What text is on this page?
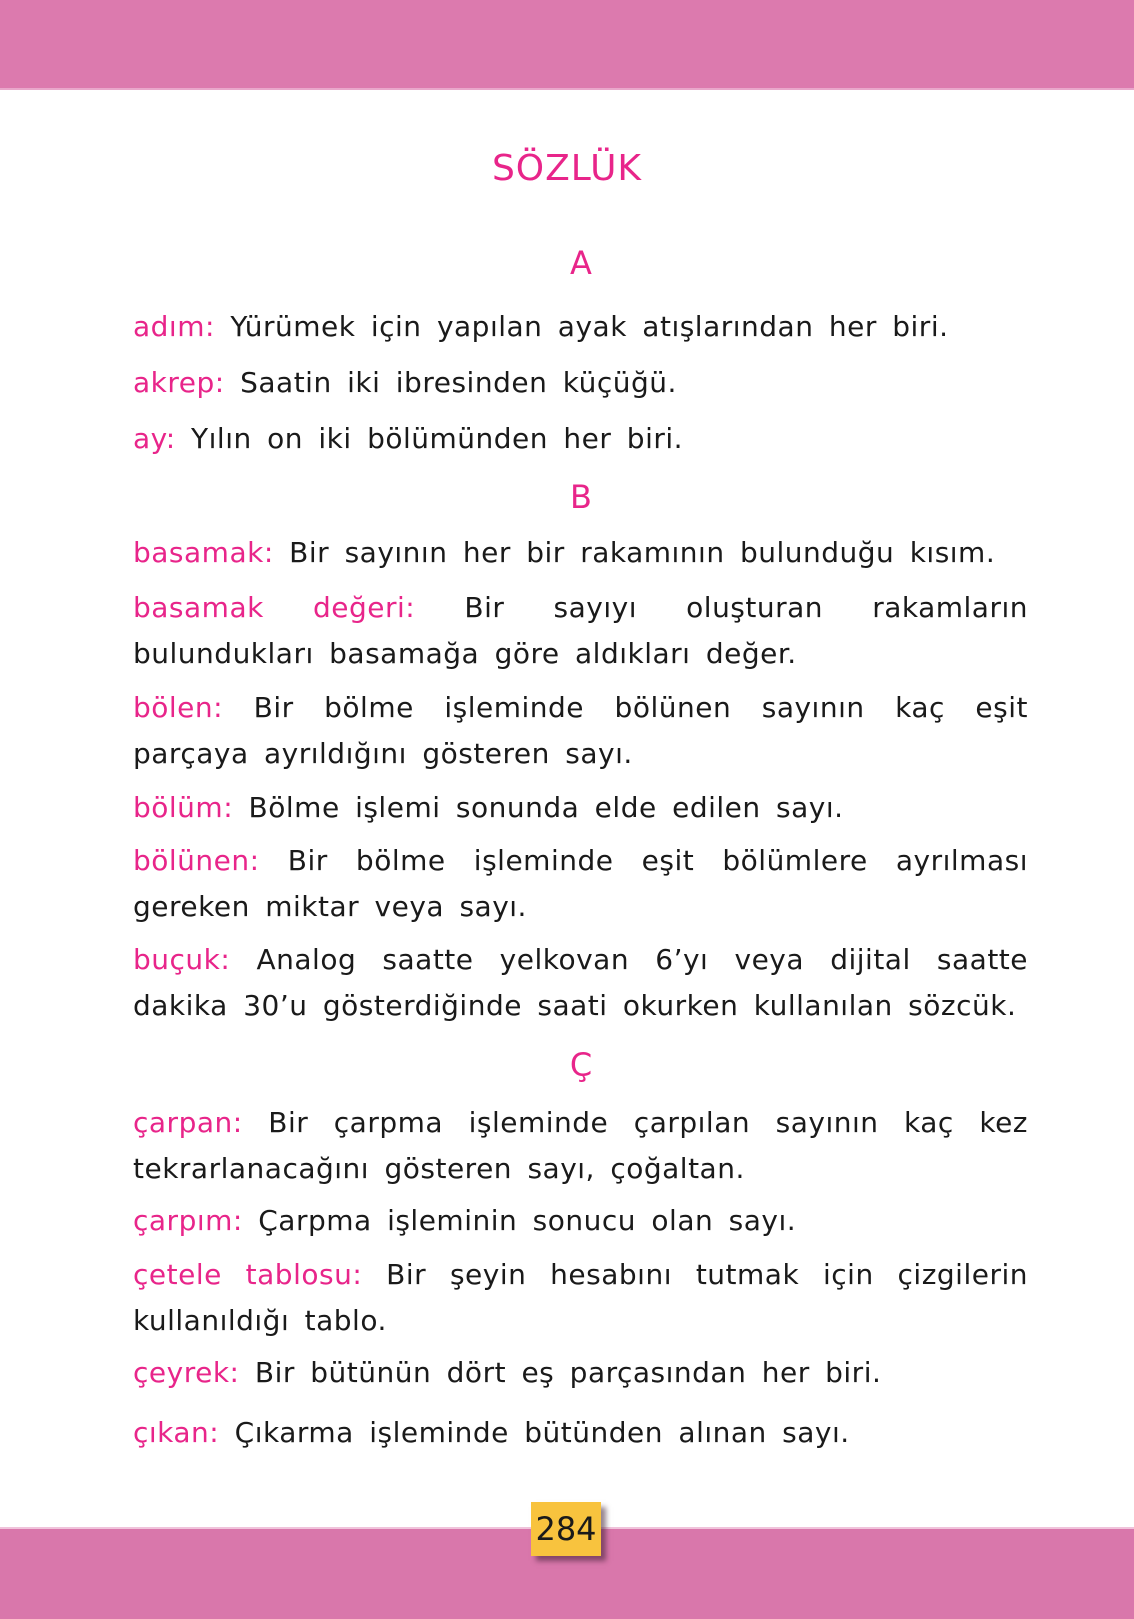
SÖZLÜK
A
adım: Yürümek için yapılan ayak atışlarından her biri.
akrep: Saatin iki ibresinden küçüğü.
ay: Yılın on iki bölümünden her biri.
B
basamak: Bir sayının her bir rakamının bulunduğu kısım.
basamak değeri: Bir sayıyı oluşturan rakamların bulundukları basamağa göre aldıkları değer.
bölen: Bir bölme işleminde bölünen sayının kaç eşit parçaya ayrıldığını gösteren sayı.
bölüm: Bölme işlemi sonunda elde edilen sayı.
bölünen: Bir bölme işleminde eşit bölümlere ayrılması gereken miktar veya sayı.
buçuk: Analog saatte yelkovan 6’yı veya dijital saatte dakika 30’u gösterdiğinde saati okurken kullanılan sözcük.
Ç
çarpan: Bir çarpma işleminde çarpılan sayının kaç kez tekrarlanacağını gösteren sayı, çoğaltan.
çarpım: Çarpma işleminin sonucu olan sayı.
çetele tablosu: Bir şeyin hesabını tutmak için çizgilerin kullanıldığı tablo.
çeyrek: Bir bütünün dört eş parçasından her biri.
çıkan: Çıkarma işleminde bütünden alınan sayı.
284
